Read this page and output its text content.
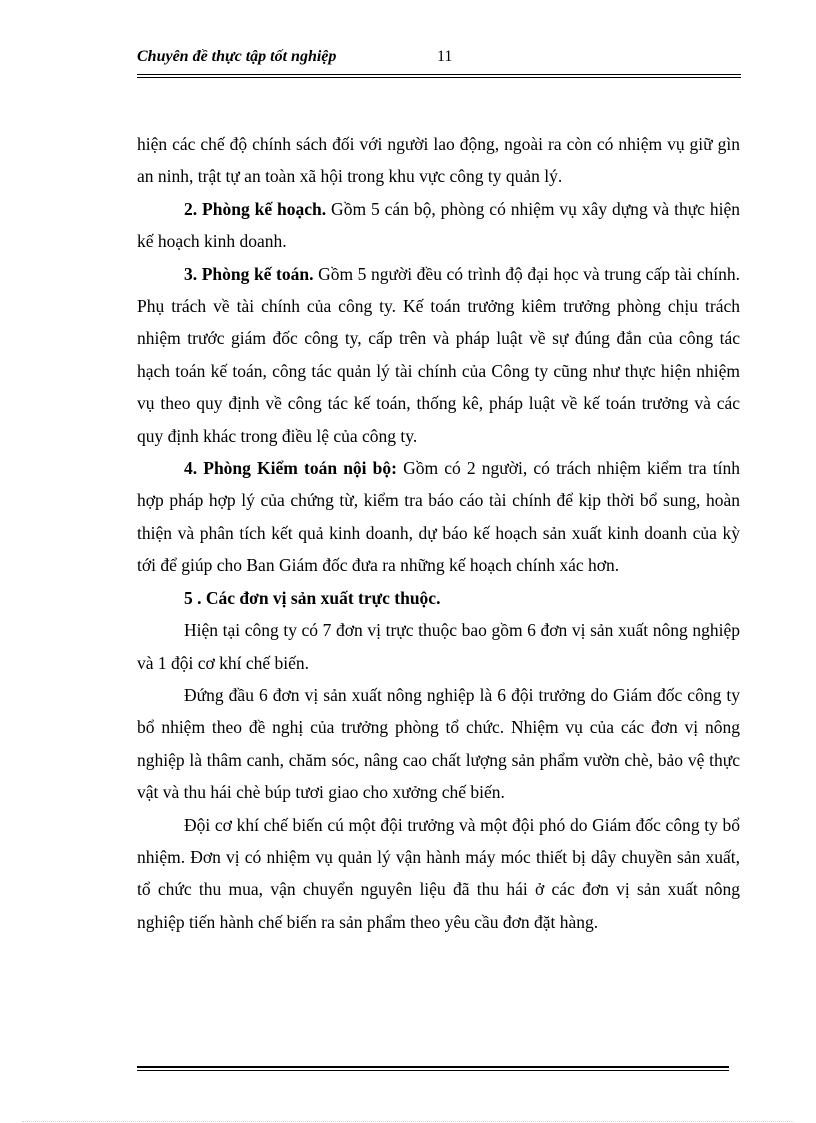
Chuyên đề thực tập tốt nghiệp	11

hiện các chế độ chính sách đối với người lao động, ngoài ra còn có nhiệm vụ giữ gìn an ninh, trật tự an toàn xã hội trong khu vực công ty quản lý.

2. Phòng kế hoạch. Gồm 5 cán bộ, phòng có nhiệm vụ xây dựng và thực hiện kế hoạch kinh doanh.

3. Phòng kế toán. Gồm 5 người đều có trình độ đại học và trung cấp tài chính. Phụ trách về tài chính của công ty. Kế toán trưởng kiêm trưởng phòng chịu trách nhiệm trước giám đốc công ty, cấp trên và pháp luật về sự đúng đắn của công tác hạch toán kế toán, công tác quản lý tài chính của Công ty cũng như thực hiện nhiệm vụ theo quy định về công tác kế toán, thống kê, pháp luật về kế toán trưởng và các quy định khác trong điều lệ của công ty.

4. Phòng Kiểm toán nội bộ: Gồm có 2 người, có trách nhiệm kiểm tra tính hợp pháp hợp lý của chứng từ, kiểm tra báo cáo tài chính để kịp thời bổ sung, hoàn thiện và phân tích kết quả kinh doanh, dự báo kế hoạch sản xuất kinh doanh của kỳ tới để giúp cho Ban Giám đốc đưa ra những kế hoạch chính xác hơn.

5 . Các đơn vị sản xuất trực thuộc.

Hiện tại công ty có 7 đơn vị trực thuộc bao gồm 6 đơn vị sản xuất nông nghiệp và 1 đội cơ khí chế biến.

Đứng đầu 6 đơn vị sản xuất nông nghiệp là 6 đội trưởng do Giám đốc công ty bổ nhiệm theo đề nghị của trưởng phòng tổ chức. Nhiệm vụ của các đơn vị nông nghiệp là thâm canh, chăm sóc, nâng cao chất lượng sản phẩm vườn chè, bảo vệ thực vật và thu hái chè búp tươi giao cho xưởng chế biến.

Đội cơ khí chế biến cú một đội trưởng và một đội phó do Giám đốc công ty bổ nhiệm. Đơn vị có nhiệm vụ quản lý vận hành máy móc thiết bị dây chuyền sản xuất, tổ chức thu mua, vận chuyển nguyên liệu đã thu hái ở các đơn vị sản xuất nông nghiệp tiến hành chế biến ra sản phẩm theo yêu cầu đơn đặt hàng.
